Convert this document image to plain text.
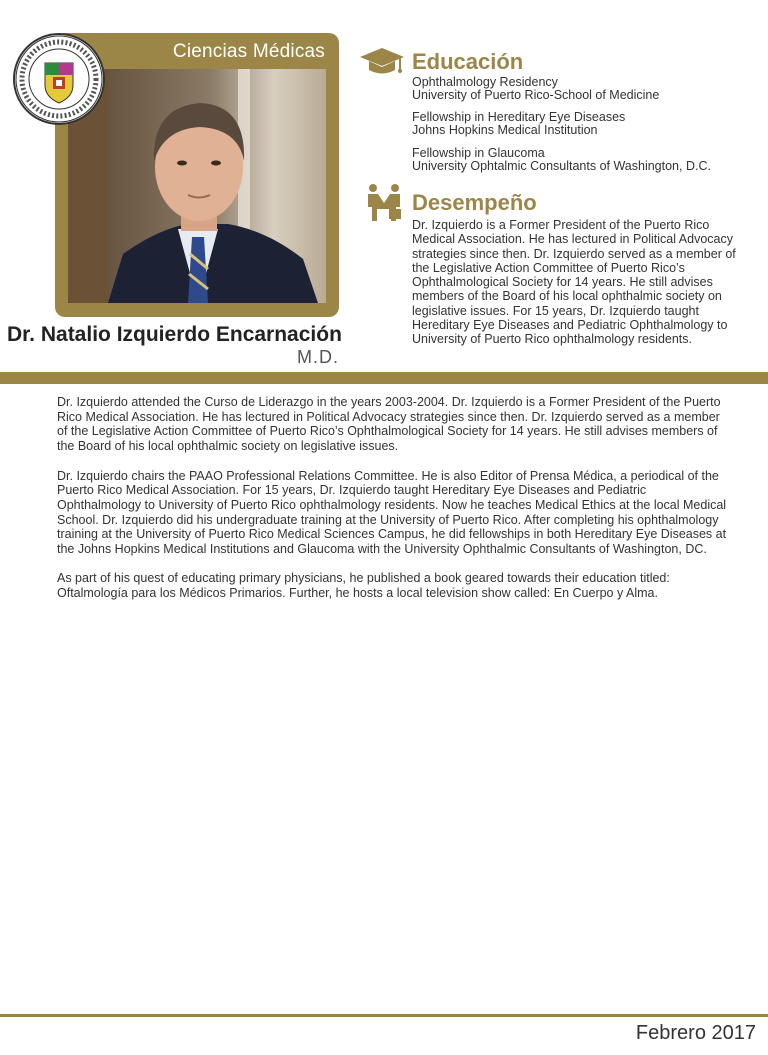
Ciencias Médicas
Dr. Natalio Izquierdo Encarnación
M.D.
Educación
Ophthalmology Residency
University of Puerto Rico-School of Medicine
Fellowship in Hereditary Eye Diseases
Johns Hopkins Medical Institution
Fellowship in Glaucoma
University Ophtalmic Consultants of Washington, D.C.
Desempeño
Dr. Izquierdo is a Former President of the Puerto Rico Medical Association. He has lectured in Political Advocacy strategies since then. Dr. Izquierdo served as a member of the Legislative Action Committee of Puerto Rico’s Ophthalmological Society for 14 years. He still advises members of the Board of his local ophthalmic society on legislative issues. For 15 years, Dr. Izquierdo taught Hereditary Eye Diseases and Pediatric Ophthalmology to University of Puerto Rico ophthalmology residents.

Dr. Izquierdo attended the Curso de Liderazgo in the years 2003-2004. Dr. Izquierdo is a Former President of the Puerto Rico Medical Association. He has lectured in Political Advocacy strategies since then. Dr. Izquierdo served as a member of the Legislative Action Committee of Puerto Rico’s Ophthalmological Society for 14 years. He still advises members of the Board of his local ophthalmic society on legislative issues.

Dr. Izquierdo chairs the PAAO Professional Relations Committee. He is also Editor of Prensa Médica, a periodical of the Puerto Rico Medical Association. For 15 years, Dr. Izquierdo taught Hereditary Eye Diseases and Pediatric Ophthalmology to University of Puerto Rico ophthalmology residents. Now he teaches Medical Ethics at the local Medical School. Dr. Izquierdo did his undergraduate training at the University of Puerto Rico. After completing his ophthalmology training at the University of Puerto Rico Medical Sciences Campus, he did fellowships in both Hereditary Eye Diseases at the Johns Hopkins Medical Institutions and Glaucoma with the University Ophthalmic Consultants of Washington, DC.

As part of his quest of educating primary physicians, he published a book geared towards their education titled: Oftalmología para los Médicos Primarios. Further, he hosts a local television show called: En Cuerpo y Alma.

Febrero 2017
